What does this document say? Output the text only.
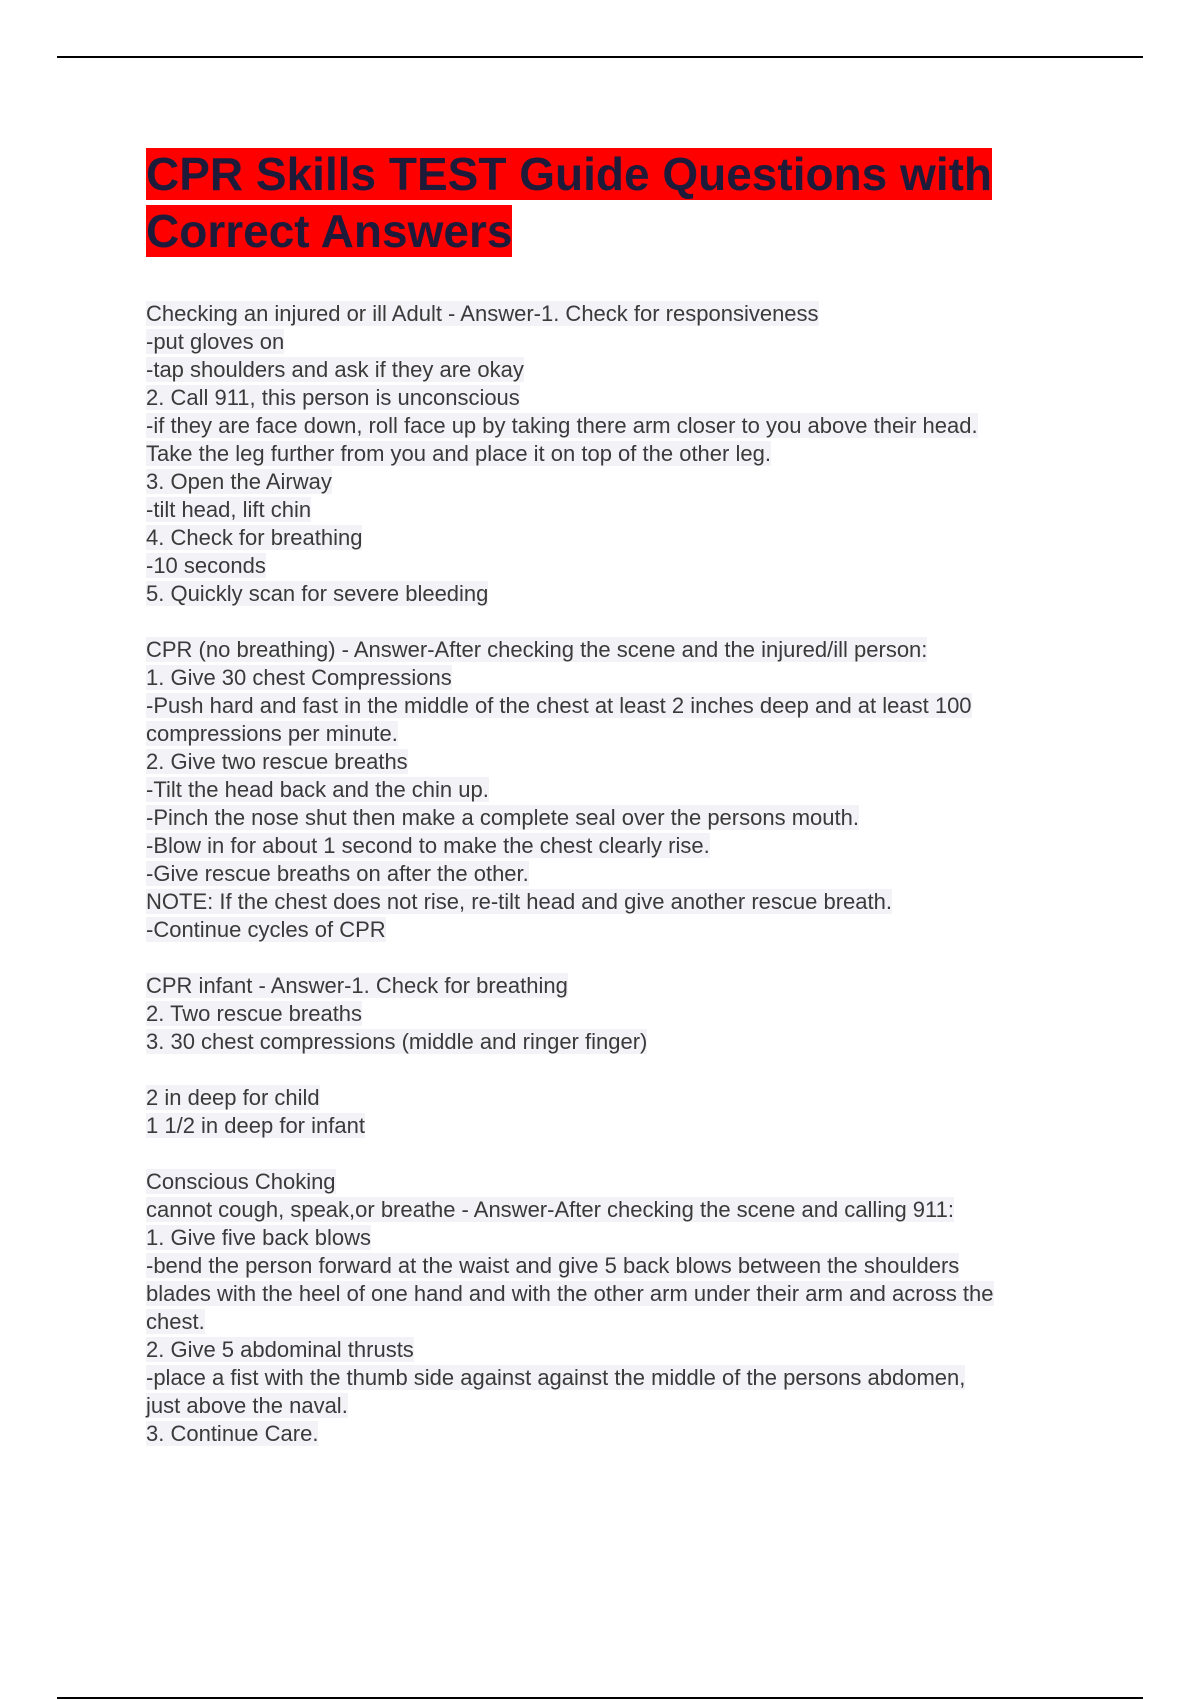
CPR Skills TEST Guide Questions with
Correct Answers
Checking an injured or ill Adult - Answer-1. Check for responsiveness
-put gloves on
-tap shoulders and ask if they are okay
2. Call 911, this person is unconscious
-if they are face down, roll face up by taking there arm closer to you above their head.
Take the leg further from you and place it on top of the other leg.
3. Open the Airway
-tilt head, lift chin
4. Check for breathing
-10 seconds
5. Quickly scan for severe bleeding
CPR (no breathing) - Answer-After checking the scene and the injured/ill person:
1. Give 30 chest Compressions
-Push hard and fast in the middle of the chest at least 2 inches deep and at least 100
compressions per minute.
2. Give two rescue breaths
-Tilt the head back and the chin up.
-Pinch the nose shut then make a complete seal over the persons mouth.
-Blow in for about 1 second to make the chest clearly rise.
-Give rescue breaths on after the other.
NOTE: If the chest does not rise, re-tilt head and give another rescue breath.
-Continue cycles of CPR
CPR infant - Answer-1. Check for breathing
2. Two rescue breaths
3. 30 chest compressions (middle and ringer finger)
2 in deep for child
1 1/2 in deep for infant
Conscious Choking
cannot cough, speak,or breathe - Answer-After checking the scene and calling 911:
1. Give five back blows
-bend the person forward at the waist and give 5 back blows between the shoulders
blades with the heel of one hand and with the other arm under their arm and across the
chest.
2. Give 5 abdominal thrusts
-place a fist with the thumb side against against the middle of the persons abdomen,
just above the naval.
3. Continue Care.
